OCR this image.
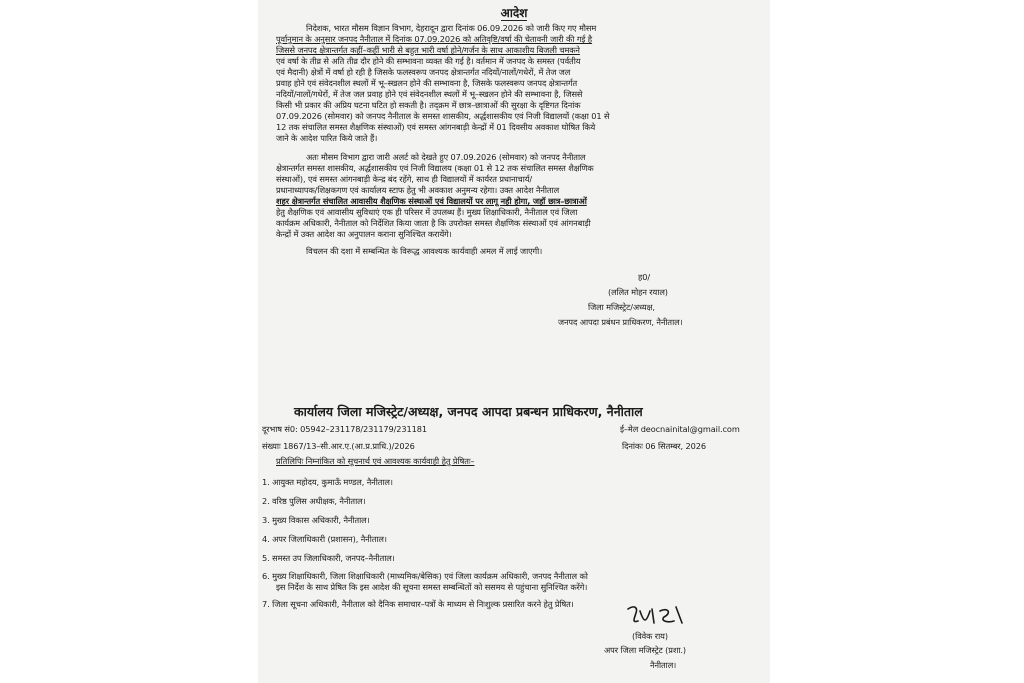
आदेश
निदेशक, भारत मौसम विज्ञान विभाग, देहरादून द्वारा दिनांक 06.09.2026 को जारी किए गए मौसम
पूर्वानुमान के अनुसार जनपद नैनीताल में दिनांक 07.09.2026 को अतिवृष्टि/वर्षा की चेतावनी जारी की गई है
जिससे जनपद क्षेत्रान्तर्गत कहीं–कहीं भारी से बहुत भारी वर्षा होने/गर्जन के साथ आकाशीय बिजली चमकने
एवं वर्षा के तीव्र से अति तीव्र दौर होने की सम्भावना व्यक्त की गई है। वर्तमान में जनपद के समस्त (पर्वतीय
एवं मैदानी) क्षेत्रों में वर्षा हो रही है जिसके फलस्वरूप जनपद क्षेत्रान्तर्गत नदियों/नालों/गधेरों, में तेज जल
प्रवाह होने एवं संवेदनशील स्थलों में भू–स्खलन होने की सम्भावना है, जिसके फलस्वरूप जनपद क्षेत्रान्तर्गत
नदियों/नालों/गधेरों, में तेज जल प्रवाह होने एवं संवेदनशील स्थलों में भू–स्खलन होने की सम्भावना है, जिससे
किसी भी प्रकार की अप्रिय घटना घटित हो सकती है। तद्क्रम में छात्र–छात्राओं की सुरक्षा के दृष्टिगत दिनांक
07.09.2026 (सोमवार) को जनपद नैनीताल के समस्त शासकीय, अर्द्धशासकीय एवं निजी विद्यालयों (कक्षा 01 से
12 तक संचालित समस्त शैक्षणिक संस्थाओं) एवं समस्त आंगनबाड़ी केन्द्रों में 01 दिवसीय अवकाश घोषित किये
जाने के आदेश पारित किये जाते हैं।
अतः मौसम विभाग द्वारा जारी अलर्ट को देखते हुए 07.09.2026 (सोमवार) को जनपद नैनीताल
क्षेत्रान्तर्गत समस्त शासकीय, अर्द्धशासकीय एवं निजी विद्यालय (कक्षा 01 से 12 तक संचालित समस्त शैक्षणिक
संस्थाओं), एवं समस्त आंगनबाड़ी केन्द्र बंद रहेंगे, साथ ही विद्यालयों में कार्यरत प्रधानाचार्य/
प्रधानाध्यापक/शिक्षकगण एवं कार्यालय स्टाफ हेतु भी अवकाश अनुमन्य रहेगा। उक्त आदेश नैनीताल
शहर क्षेत्रान्तर्गत संचालित आवासीय शैक्षणिक संस्थाओं एवं विद्यालयों पर लागू नही होगा, जहॉ छात्र–छात्राओं
हेतु शैक्षणिक एवं आवासीय सुविधाएं एक ही परिसर में उपलब्ध हैं। मुख्य शिक्षाधिकारी, नैनीताल एवं जिला
कार्यक्रम अधिकारी, नैनीताल को निर्देशित किया जाता है कि उपरोक्त समस्त शैक्षणिक संस्थाओं एवं आंगनबाड़ी
केन्द्रों में उक्त आदेश का अनुपालन कराना सुनिश्चित करायेंगे।
विचलन की दशा में सम्बन्धित के विरूद्ध आवश्यक कार्यवाही अमल में लाई जाएगी।
ह0/
(ललित मोहन रयाल)
जिला मजिस्ट्रेट/अध्यक्ष,
जनपद आपदा प्रबंधन प्राधिकरण, नैनीताल।
कार्यालय जिला मजिस्ट्रेट/अध्यक्ष, जनपद आपदा प्रबन्धन प्राधिकरण, नैनीताल
दूरभाष सं0: 05942–231178/231179/231181	ई–मेल deocnainital@gmail.com
संख्याः 1867/13–सी.आर.ए.(आ.प्र.प्राधि.)/2026	दिनांकः 06 सितम्बर, 2026
प्रतिलिपिः निम्नांकित को सूचनार्थ एवं आवश्यक कार्यवाही हेतु प्रेषितः–
1. आयुक्त महोदय, कुमाऊँ मण्डल, नैनीताल।
2. वरिष्ठ पुलिस अधीक्षक, नैनीताल।
3. मुख्य विकास अधिकारी, नैनीताल।
4. अपर जिलाधिकारी (प्रशासन), नैनीताल।
5. समस्त उप जिलाधिकारी, जनपद–नैनीताल।
6. मुख्य शिक्षाधिकारी, जिला शिक्षाधिकारी (माध्यमिक/बेसिक) एवं जिला कार्यक्रम अधिकारी, जनपद नैनीताल को
इस निर्देश के साथ प्रेषित कि इस आदेश की सूचना समस्त सम्बन्धितों को ससमय से पहुंचाना सुनिश्चित करेंगे।
7. जिला सूचना अधिकारी, नैनीताल को दैनिक समाचार–पत्रों के माध्यम से निःशुल्क प्रसारित करने हेतु प्रेषित।
(विवेक राय)
अपर जिला मजिस्ट्रेट (प्रशा.)
नैनीताल।
